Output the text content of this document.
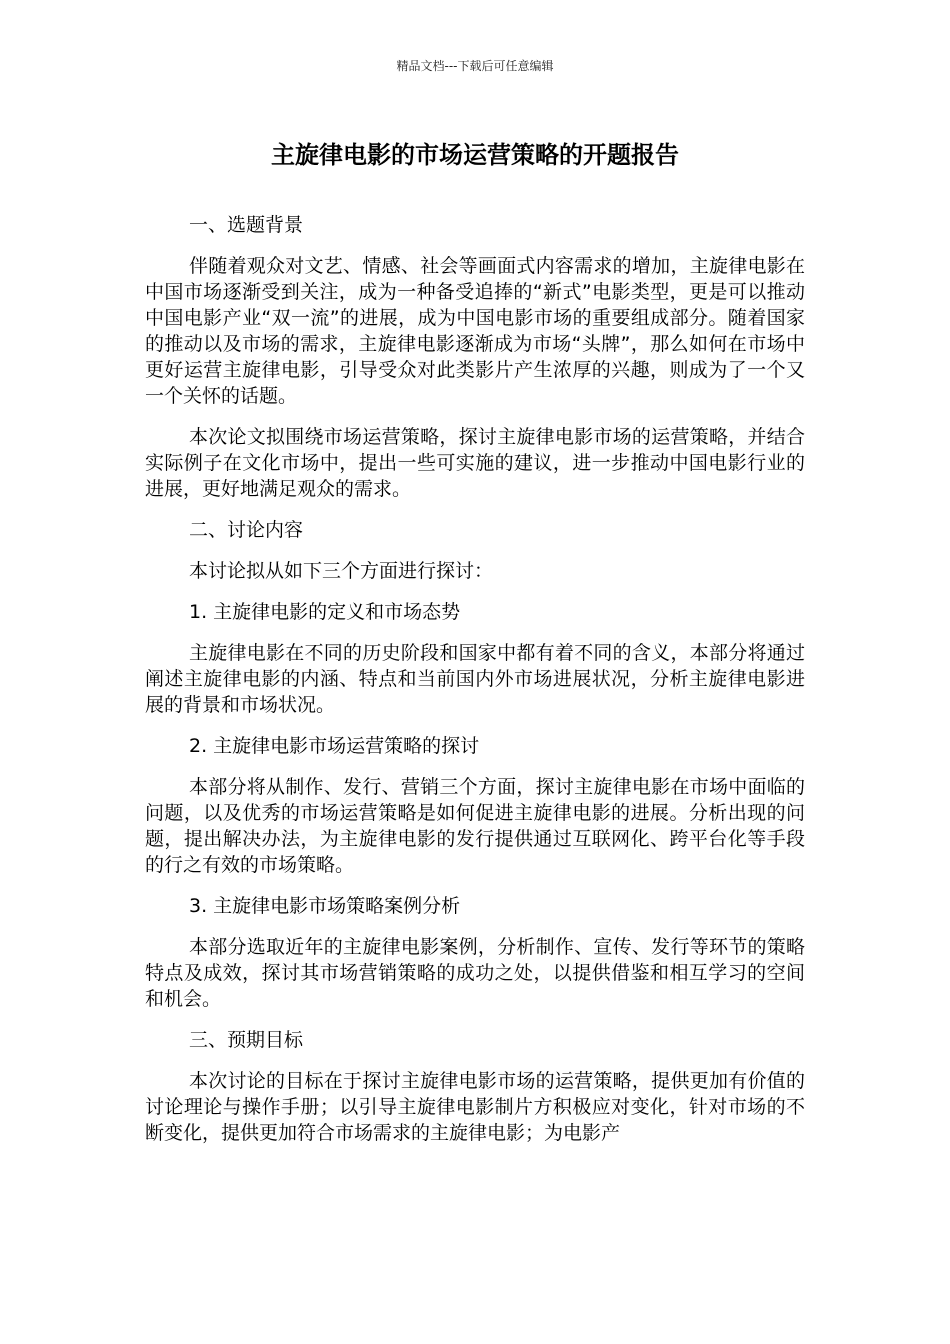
精品文档---下载后可任意编辑
主旋律电影的市场运营策略的开题报告

一、选题背景

伴随着观众对文艺、情感、社会等画面式内容需求的增加，主旋律电影在中国市场逐渐受到关注，成为一种备受追捧的“新式”电影类型，更是可以推动中国电影产业“双一流”的进展，成为中国电影市场的重要组成部分。随着国家的推动以及市场的需求，主旋律电影逐渐成为市场“头牌”，那么如何在市场中更好运营主旋律电影，引导受众对此类影片产生浓厚的兴趣，则成为了一个又一个关怀的话题。

本次论文拟围绕市场运营策略，探讨主旋律电影市场的运营策略，并结合实际例子在文化市场中，提出一些可实施的建议，进一步推动中国电影行业的进展，更好地满足观众的需求。

二、讨论内容

本讨论拟从如下三个方面进行探讨：

1. 主旋律电影的定义和市场态势

主旋律电影在不同的历史阶段和国家中都有着不同的含义，本部分将通过阐述主旋律电影的内涵、特点和当前国内外市场进展状况，分析主旋律电影进展的背景和市场状况。

2. 主旋律电影市场运营策略的探讨

本部分将从制作、发行、营销三个方面，探讨主旋律电影在市场中面临的问题，以及优秀的市场运营策略是如何促进主旋律电影的进展。分析出现的问题，提出解决办法，为主旋律电影的发行提供通过互联网化、跨平台化等手段的行之有效的市场策略。

3. 主旋律电影市场策略案例分析

本部分选取近年的主旋律电影案例，分析制作、宣传、发行等环节的策略特点及成效，探讨其市场营销策略的成功之处，以提供借鉴和相互学习的空间和机会。

三、预期目标

本次讨论的目标在于探讨主旋律电影市场的运营策略，提供更加有价值的讨论理论与操作手册；以引导主旋律电影制片方积极应对变化，针对市场的不断变化，提供更加符合市场需求的主旋律电影；为电影产
